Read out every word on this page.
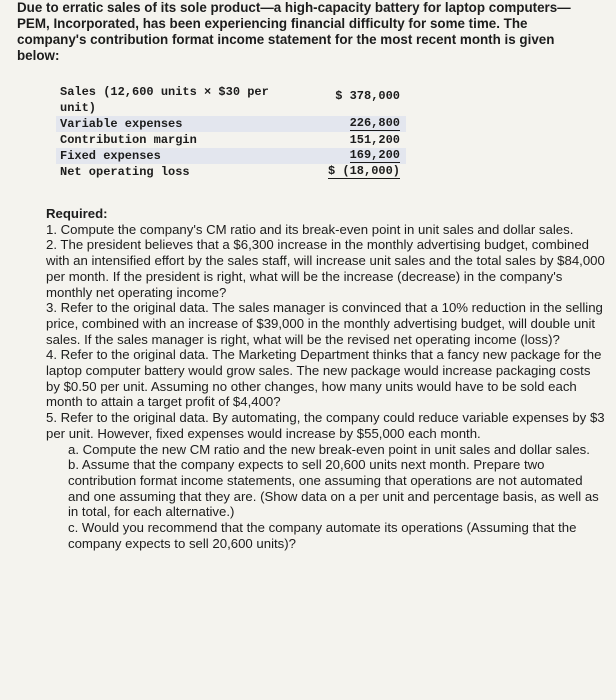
Due to erratic sales of its sole product—a high-capacity battery for laptop computers—PEM, Incorporated, has been experiencing financial difficulty for some time. The company's contribution format income statement for the most recent month is given below:
Sales (12,600 units × $30 per	$ 378,000
unit)
Variable expenses	226,800
Contribution margin	151,200
Fixed expenses	169,200
Net operating loss	$ (18,000)

Required:

1. Compute the company's CM ratio and its break-even point in unit sales and dollar sales.

2. The president believes that a $6,300 increase in the monthly advertising budget, combined with an intensified effort by the sales staff, will increase unit sales and the total sales by $84,000 per month. If the president is right, what will be the increase (decrease) in the company's monthly net operating income?

3. Refer to the original data. The sales manager is convinced that a 10% reduction in the selling price, combined with an increase of $39,000 in the monthly advertising budget, will double unit sales. If the sales manager is right, what will be the revised net operating income (loss)?

4. Refer to the original data. The Marketing Department thinks that a fancy new package for the laptop computer battery would grow sales. The new package would increase packaging costs by $0.50 per unit. Assuming no other changes, how many units would have to be sold each month to attain a target profit of $4,400?

5. Refer to the original data. By automating, the company could reduce variable expenses by $3 per unit. However, fixed expenses would increase by $55,000 each month.

a. Compute the new CM ratio and the new break-even point in unit sales and dollar sales.

b. Assume that the company expects to sell 20,600 units next month. Prepare two contribution format income statements, one assuming that operations are not automated and one assuming that they are. (Show data on a per unit and percentage basis, as well as in total, for each alternative.)

c. Would you recommend that the company automate its operations (Assuming that the company expects to sell 20,600 units)?
